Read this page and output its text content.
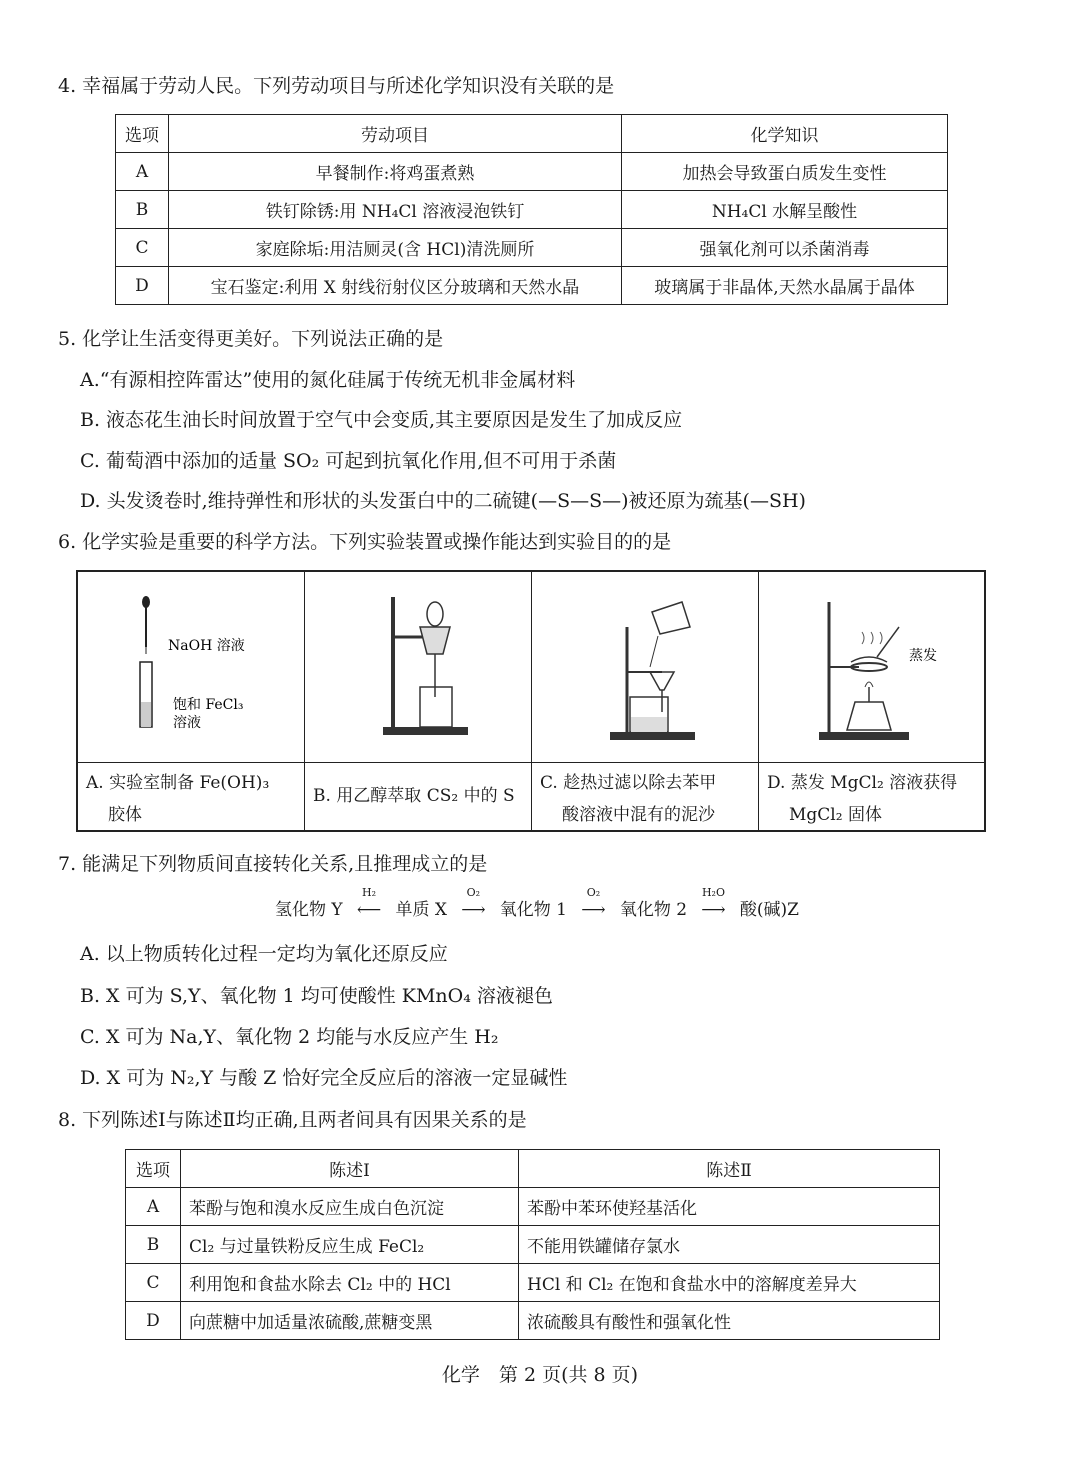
4. 幸福属于劳动人民。下列劳动项目与所述化学知识没有关联的是
选项	劳动项目	化学知识
A	早餐制作:将鸡蛋煮熟	加热会导致蛋白质发生变性
B	铁钉除锈:用 NH₄Cl 溶液浸泡铁钉	NH₄Cl 水解呈酸性
C	家庭除垢:用洁厕灵(含 HCl)清洗厕所	强氧化剂可以杀菌消毒
D	宝石鉴定:利用 X 射线衍射仪区分玻璃和天然水晶	玻璃属于非晶体,天然水晶属于晶体
5. 化学让生活变得更美好。下列说法正确的是
A.“有源相控阵雷达”使用的氮化硅属于传统无机非金属材料
B. 液态花生油长时间放置于空气中会变质,其主要原因是发生了加成反应
C. 葡萄酒中添加的适量 SO₂ 可起到抗氧化作用,但不可用于杀菌
D. 头发烫卷时,维持弹性和形状的头发蛋白中的二硫键(—S—S—)被还原为巯基(—SH)
6. 化学实验是重要的科学方法。下列实验装置或操作能达到实验目的的是
NaOH 溶液
饱和 FeCl₃
溶液
A. 实验室制备 Fe(OH)₃
胶体
B. 用乙醇萃取 CS₂ 中的 S
C. 趁热过滤以除去苯甲
酸溶液中混有的泥沙
蒸发
D. 蒸发 MgCl₂ 溶液获得
MgCl₂ 固体
7. 能满足下列物质间直接转化关系,且推理成立的是
氢化物 Y
H₂
⟵ 单质 X
O₂
⟶ 氧化物 1
O₂
⟶ 氧化物 2
H₂O
⟶ 酸(碱)Z
A. 以上物质转化过程一定均为氧化还原反应
B. X 可为 S,Y、氧化物 1 均可使酸性 KMnO₄ 溶液褪色
C. X 可为 Na,Y、氧化物 2 均能与水反应产生 H₂
D. X 可为 N₂,Y 与酸 Z 恰好完全反应后的溶液一定显碱性
8. 下列陈述Ⅰ与陈述Ⅱ均正确,且两者间具有因果关系的是
选项	陈述Ⅰ	陈述Ⅱ
A	苯酚与饱和溴水反应生成白色沉淀	苯酚中苯环使羟基活化
B	Cl₂ 与过量铁粉反应生成 FeCl₂	不能用铁罐储存氯水
C	利用饱和食盐水除去 Cl₂ 中的 HCl	HCl 和 Cl₂ 在饱和食盐水中的溶解度差异大
D	向蔗糖中加适量浓硫酸,蔗糖变黑	浓硫酸具有酸性和强氧化性
化学　第 2 页(共 8 页)
